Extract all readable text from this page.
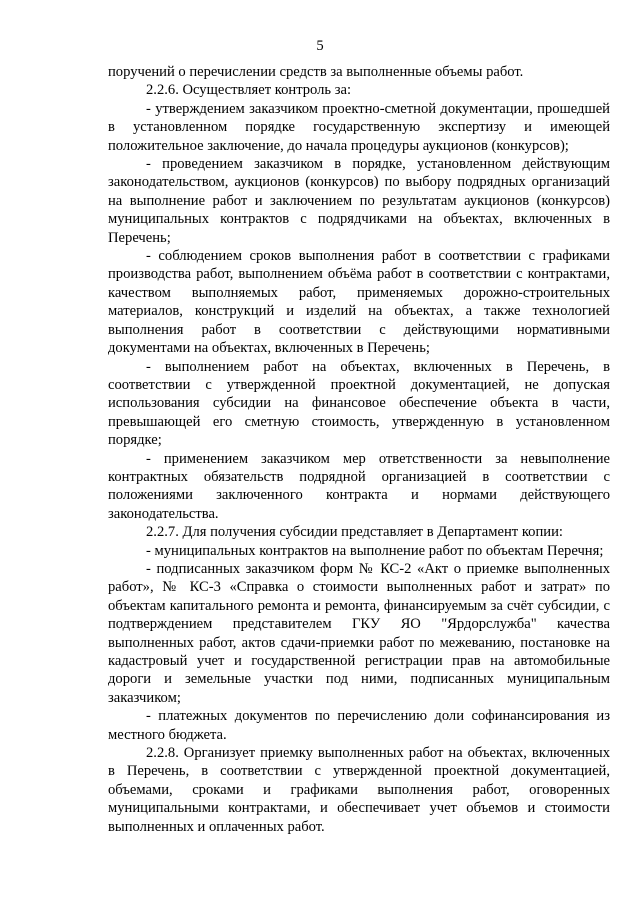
5

поручений о перечислении средств за выполненные объемы работ.

2.2.6. Осуществляет контроль за:

- утверждением заказчиком проектно-сметной документации, прошедшей в установленном порядке государственную экспертизу и имеющей положительное заключение, до начала процедуры аукционов (конкурсов);

- проведением заказчиком в порядке, установленном действующим законодательством, аукционов (конкурсов) по выбору подрядных организаций на выполнение работ и заключением по результатам аукционов (конкурсов) муниципальных контрактов с подрядчиками на объектах, включенных в Перечень;

- соблюдением сроков выполнения работ в соответствии с графиками производства работ, выполнением объёма работ в соответствии с контрактами, качеством выполняемых работ, применяемых дорожно-строительных материалов, конструкций и изделий на объектах, а также технологией выполнения работ в соответствии с действующими нормативными документами на объектах, включенных в Перечень;

- выполнением работ на объектах, включенных в Перечень, в соответствии с утвержденной проектной документацией, не допуская использования субсидии на финансовое обеспечение объекта в части, превышающей его сметную стоимость, утвержденную в установленном порядке;

- применением заказчиком мер ответственности за невыполнение контрактных обязательств подрядной организацией в соответствии с положениями заключенного контракта и нормами действующего законодательства.

2.2.7. Для получения субсидии представляет в Департамент копии:

- муниципальных контрактов на выполнение работ по объектам Перечня;

- подписанных заказчиком форм № КС-2 «Акт о приемке выполненных работ», № КС-3 «Справка о стоимости выполненных работ и затрат» по объектам капитального ремонта и ремонта, финансируемым за счёт субсидии, с подтверждением представителем ГКУ ЯО "Ярдорслужба" качества выполненных работ, актов сдачи-приемки работ по межеванию, постановке на кадастровый учет и государственной регистрации прав на автомобильные дороги и земельные участки под ними, подписанных муниципальным заказчиком;

- платежных документов по перечислению доли софинансирования из местного бюджета.

2.2.8. Организует приемку выполненных работ на объектах, включенных в Перечень, в соответствии с утвержденной проектной документацией, объемами, сроками и графиками выполнения работ, оговоренных муниципальными контрактами, и обеспечивает учет объемов и стоимости выполненных и оплаченных работ.
